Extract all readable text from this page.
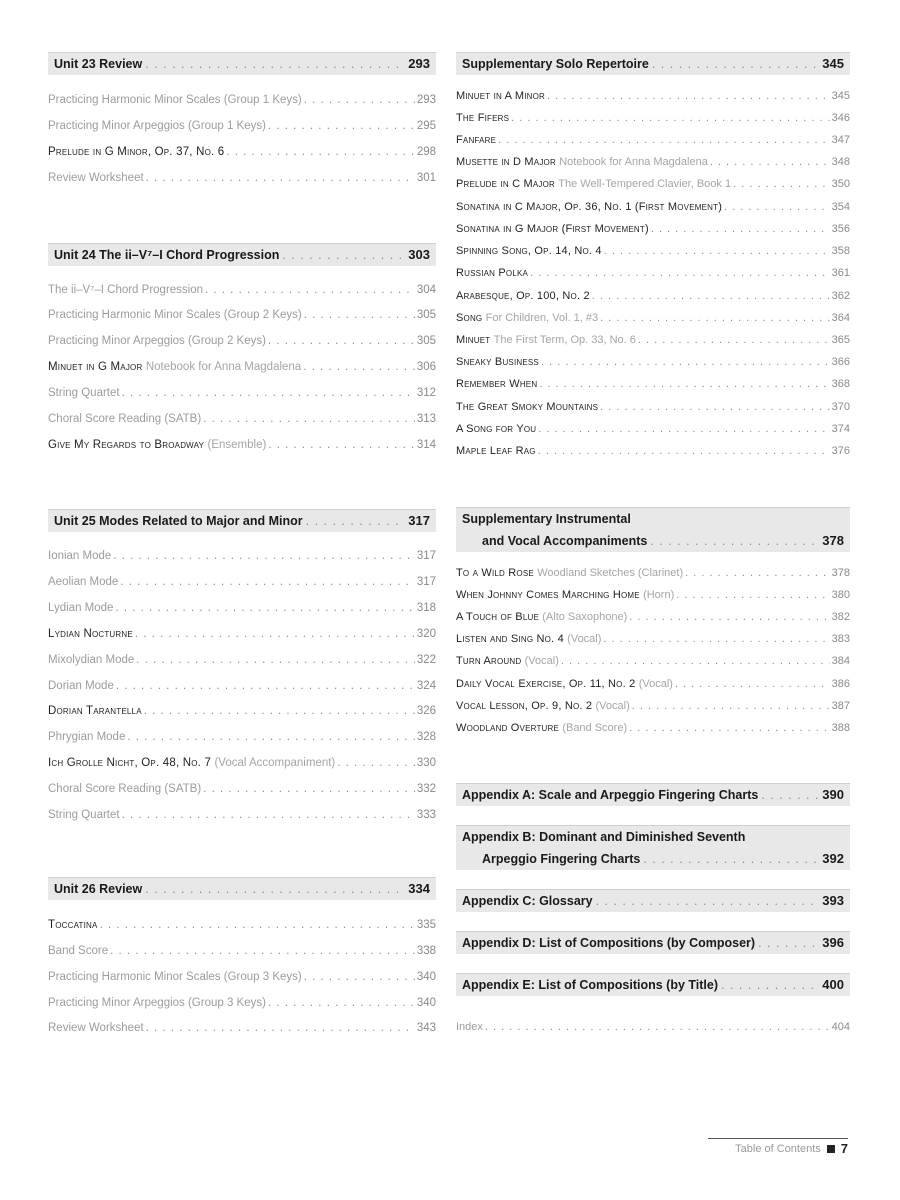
Unit 23 Review . . .	293
Practicing Harmonic Minor Scales (Group 1 Keys) . . .	293
Practicing Minor Arpeggios (Group 1 Keys) . . .	295
Prelude in G Minor, Op. 37, No. 6 . . .	298
Review Worksheet . . .	301
Unit 24 The ii–V⁷–I Chord Progression . . .	303
The ii–V⁷–I Chord Progression . . .	304
Practicing Harmonic Minor Scales (Group 2 Keys) . . .	305
Practicing Minor Arpeggios (Group 2 Keys) . . .	305
Minuet in G Major Notebook for Anna Magdalena . . .	306
String Quartet . . .	312
Choral Score Reading (SATB) . . .	313
Give My Regards to Broadway (Ensemble) . . .	314
Unit 25 Modes Related to Major and Minor . . .	317
Ionian Mode . . .	317
Aeolian Mode . . .	317
Lydian Mode . . .	318
Lydian Nocturne . . .	320
Mixolydian Mode . . .	322
Dorian Mode . . .	324
Dorian Tarantella . . .	326
Phrygian Mode . . .	328
Ich Grolle Nicht, Op. 48, No. 7 (Vocal Accompaniment) . . .	330
Choral Score Reading (SATB) . . .	332
String Quartet . . .	333
Unit 26 Review . . .	334
Toccatina . . .	335
Band Score . . .	338
Practicing Harmonic Minor Scales (Group 3 Keys) . . .	340
Practicing Minor Arpeggios (Group 3 Keys) . . .	340
Review Worksheet . . .	343
Supplementary Solo Repertoire . . .	345
Minuet in A Minor . . .	345
The Fifers . . .	346
Fanfare . . .	347
Musette in D Major Notebook for Anna Magdalena . . .	348
Prelude in C Major The Well-Tempered Clavier, Book 1 . . .	350
Sonatina in C Major, Op. 36, No. 1 (First Movement) . . .	354
Sonatina in G Major (First Movement) . . .	356
Spinning Song, Op. 14, No. 4 . . .	358
Russian Polka . . .	361
Arabesque, Op. 100, No. 2 . . .	362
Song For Children, Vol. 1, #3 . . .	364
Minuet The First Term, Op. 33, No. 6 . . .	365
Sneaky Business . . .	366
Remember When . . .	368
The Great Smoky Mountains . . .	370
A Song for You . . .	374
Maple Leaf Rag . . .	376
Supplementary Instrumental
and Vocal Accompaniments . . .	378
To a Wild Rose Woodland Sketches (Clarinet) . . .	378
When Johnny Comes Marching Home (Horn) . . .	380
A Touch of Blue (Alto Saxophone) . . .	382
Listen and Sing No. 4 (Vocal) . . .	383
Turn Around (Vocal) . . .	384
Daily Vocal Exercise, Op. 11, No. 2 (Vocal) . . .	386
Vocal Lesson, Op. 9, No. 2 (Vocal) . . .	387
Woodland Overture (Band Score) . . .	388
Appendix A: Scale and Arpeggio Fingering Charts . . .	390
Appendix B: Dominant and Diminished Seventh
Arpeggio Fingering Charts . . .	392
Appendix C: Glossary . . .	393
Appendix D: List of Compositions (by Composer) . . .	396
Appendix E: List of Compositions (by Title) . . .	400
Index . . .	404
Table of Contents 7
